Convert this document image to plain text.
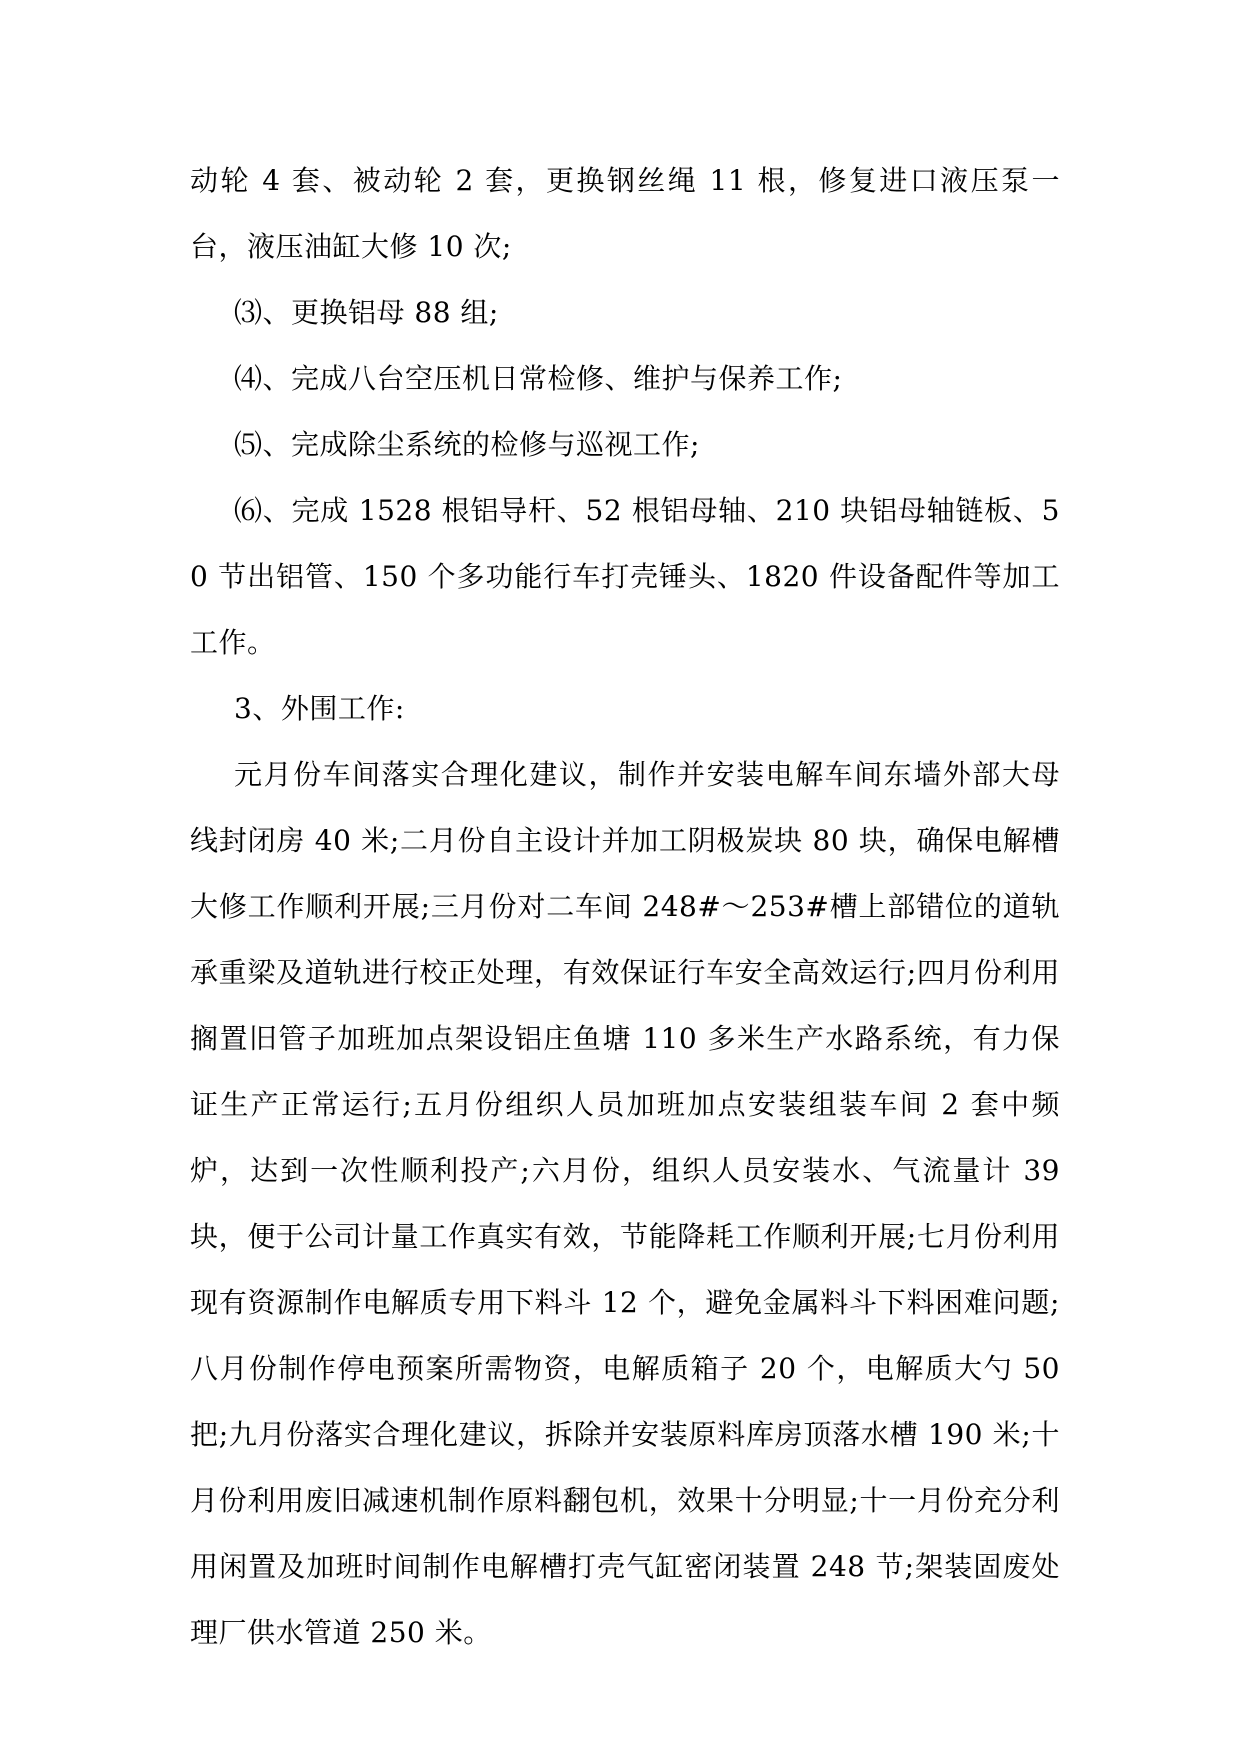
动轮 4 套、被动轮 2 套，更换钢丝绳 11 根，修复进口液压泵一台，液压油缸大修 10 次;

⑶、更换铝母 88 组;

⑷、完成八台空压机日常检修、维护与保养工作;

⑸、完成除尘系统的检修与巡视工作;

⑹、完成 1528 根铝导杆、52 根铝母轴、210 块铝母轴链板、50 节出铝管、150 个多功能行车打壳锤头、1820 件设备配件等加工工作。

3、外围工作:

元月份车间落实合理化建议，制作并安装电解车间东墙外部大母线封闭房 40 米;二月份自主设计并加工阴极炭块 80 块，确保电解槽大修工作顺利开展;三月份对二车间 248#～253#槽上部错位的道轨承重梁及道轨进行校正处理，有效保证行车安全高效运行;四月份利用搁置旧管子加班加点架设铝庄鱼塘 110 多米生产水路系统，有力保证生产正常运行;五月份组织人员加班加点安装组装车间 2 套中频炉，达到一次性顺利投产;六月份，组织人员安装水、气流量计 39 块，便于公司计量工作真实有效，节能降耗工作顺利开展;七月份利用现有资源制作电解质专用下料斗 12 个，避免金属料斗下料困难问题;八月份制作停电预案所需物资，电解质箱子 20 个，电解质大勺 50 把;九月份落实合理化建议，拆除并安装原料库房顶落水槽 190 米;十月份利用废旧减速机制作原料翻包机，效果十分明显;十一月份充分利用闲置及加班时间制作电解槽打壳气缸密闭装置 248 节;架装固废处理厂供水管道 250 米。
